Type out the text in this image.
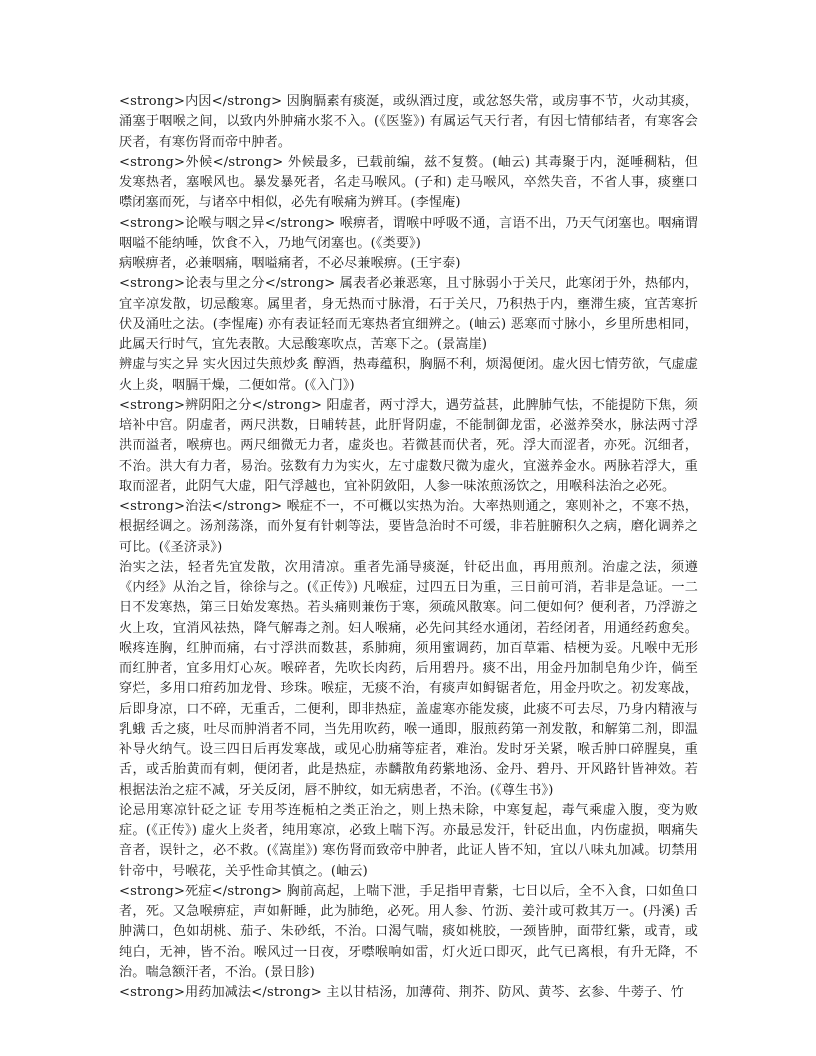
<strong>内因</strong> 因胸膈素有痰涎，或纵酒过度，或忿怒失常，或房事不节，火动其痰，涌塞于咽喉之间，以致内外肿痛水浆不入。(《医鉴》) 有属运气天行者，有因七情郁结者，有寒客会厌者，有寒伤肾而帝中肿者。

<strong>外候</strong> 外候最多，已载前编，兹不复赘。(岫云) 其毒聚于内，涎唾稠粘，但发寒热者，塞喉风也。暴发暴死者，名走马喉风。(子和) 走马喉风，卒然失音，不省人事，痰壅口噤闭塞而死，与诸卒中相似，必先有喉痛为辨耳。(李惺庵)

<strong>论喉与咽之异</strong> 喉痹者，谓喉中呼吸不通，言语不出，乃天气闭塞也。咽痛谓咽嗌不能纳唾，饮食不入，乃地气闭塞也。(《类要》)

病喉痹者，必兼咽痛，咽嗌痛者，不必尽兼喉痹。(王宇泰)

<strong>论表与里之分</strong> 属表者必兼恶寒，且寸脉弱小于关尺，此寒闭于外，热郁内，宜辛凉发散，切忌酸寒。属里者，身无热而寸脉滑，石于关尺，乃积热于内，壅滞生痰，宜苦寒折伏及涌吐之法。(李惺庵) 亦有表证轻而无寒热者宜细辨之。(岫云) 恶寒而寸脉小，乡里所患相同，此属天行时气，宜先表散。大忌酸寒吹点，苦寒下之。(景嵩崖)

辨虚与实之异 实火因过失煎炒炙 醇酒，热毒蕴积，胸膈不利，烦渴便闭。虚火因七情劳欲，气虚虚火上炎，咽膈干燥，二便如常。(《入门》)

<strong>辨阴阳之分</strong> 阳虚者，两寸浮大，遇劳益甚，此脾肺气怯，不能提防下焦，须培补中宫。阴虚者，两尺洪数，日晡转甚，此肝肾阴虚，不能制御龙雷，必滋养癸水，脉法两寸浮洪而溢者，喉痹也。两尺细微无力者，虚炎也。若微甚而伏者，死。浮大而涩者，亦死。沉细者，不治。洪大有力者，易治。弦数有力为实火，左寸虚数尺微为虚火，宜滋养金水。两脉若浮大，重取而涩者，此阴气大虚，阳气浮越也，宜补阴敛阳，人参一味浓煎汤饮之，用喉科法治之必死。

<strong>治法</strong> 喉症不一，不可概以实热为治。大率热则通之，寒则补之，不寒不热，根据经调之。汤剂荡涤，而外复有针刺等法，要皆急治时不可缓，非若脏腑积久之病，磨化调养之可比。(《圣济录》)

治实之法，轻者先宜发散，次用清凉。重者先涌导痰涎，针砭出血，再用煎剂。治虚之法，须遵《内经》从治之旨，徐徐与之。(《正传》) 凡喉症，过四五日为重，三日前可消，若非是急证。一二日不发寒热，第三日始发寒热。若头痛则兼伤于寒，须疏风散寒。问二便如何？便利者，乃浮游之火上攻，宜消风祛热，降气解毒之剂。妇人喉痛，必先问其经水通闭，若经闭者，用通经药愈矣。喉疼连胸，红肿而痛，右寸浮洪而数甚，系肺痈，须用蜜调药，加百草霜、桔梗为妥。凡喉中无形而红肿者，宜多用灯心灰。喉碎者，先吹长肉药，后用碧丹。痰不出，用金丹加制皂角少许，倘至穿烂，多用口疳药加龙骨、珍珠。喉症，无痰不治，有痰声如鲟锯者危，用金丹吹之。初发寒战，后即身凉，口不碎，无重舌，二便利，即非热症，盖虚寒亦能发痰，此痰不可去尽，乃身内精液与乳蛾 舌之痰，吐尽而肿消者不同，当先用吹药，喉一通即，服煎药第一剂发散，和解第二剂，即温补导火纳气。设三四日后再发寒战，或见心肋痛等症者，难治。发时牙关紧，喉舌肿口碎腥臭，重舌，或舌胎黄而有刺，便闭者，此是热症，赤麟散角药紫地汤、金丹、碧丹、开风路针皆神效。若根据法治之症不减，牙关反闭，唇不肿纹，如无病患者，不治。(《尊生书》)

论忌用寒凉针砭之证 专用芩连栀柏之类正治之，则上热未除，中寒复起，毒气乘虚入腹，变为败症。(《正传》) 虚火上炎者，纯用寒凉，必致上喘下泻。亦最忌发汗，针砭出血，内伤虚损，咽痛失音者，误针之，必不救。(《嵩崖》) 寒伤肾而致帝中肿者，此证人皆不知，宜以八味丸加减。切禁用针帝中，号喉花，关乎性命其慎之。(岫云)

<strong>死症</strong> 胸前高起，上喘下泄，手足指甲青紫，七日以后，全不入食，口如鱼口者，死。又急喉痹症，声如鼾睡，此为肺绝，必死。用人参、竹沥、姜汁或可救其万一。(丹溪) 舌肿满口，色如胡桃、茄子、朱砂纸，不治。口渴气喘，痰如桃胶，一颈皆肿，面带红紫，或青，或纯白，无神，皆不治。喉风过一日夜，牙噤喉响如雷，灯火近口即灭，此气已离根，有升无降，不治。喘急额汗者，不治。(景日胗)

<strong>用药加减法</strong> 主以甘桔汤，加薄荷、荆芥、防风、黄芩、玄参、牛蒡子、竹
